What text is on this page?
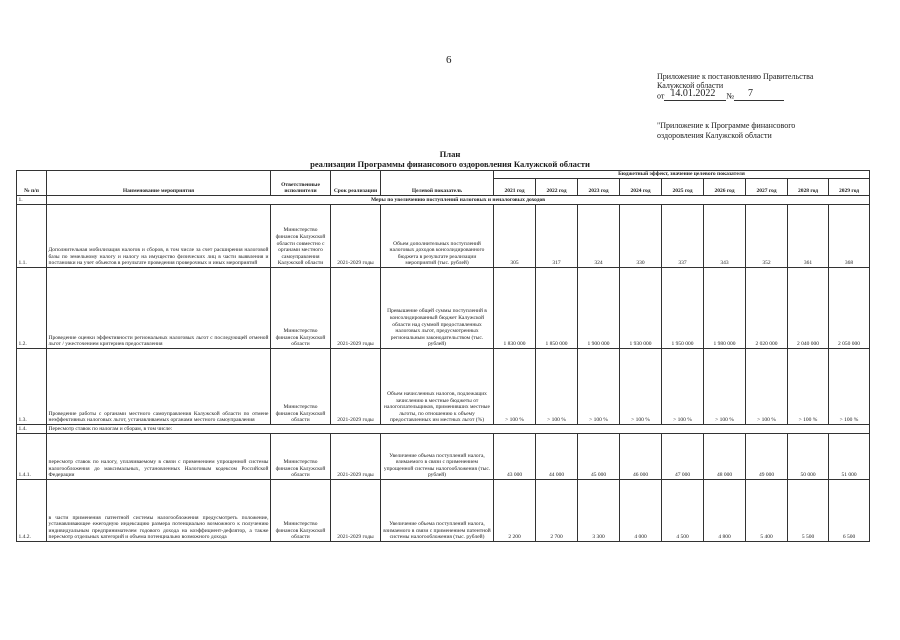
6
Приложение к постановлению Правительства
Калужской области
от 14.01.2022 № 7
"Приложение к Программе финансового
оздоровления Калужской области
План
реализации Программы финансового оздоровления Калужской области
№ п/п	Наименование мероприятия	Ответственные исполнители	Срок реализации	Целевой показатель	Бюджетный эффект, значение целевого показателя								
					2021 год	2022 год	2023 год	2024 год	2025 год	2026 год	2027 год	2028 год	2029 год
1.	Меры по увеличению поступлений налоговых и неналоговых доходов												
1.1.	Дополнительная мобилизация налогов и сборов, в том числе за счет расширения налоговой базы по земельному налогу и налогу на имущество физических лиц в части выявления и постановки на учет объектов в результате проведения проверочных и иных мероприятий	Министерство финансов Калужской области совместно с органами местного самоуправления Калужской области	2021-2029 годы	Объем дополнительных поступлений налоговых доходов консолидированного бюджета в результате реализации мероприятий (тыс. рублей)	305	317	324	330	337	343	352	361	368
1.2.	Проведение оценки эффективности региональных налоговых льгот с последующей отменой льгот / ужесточением критериев предоставления	Министерство финансов Калужской области	2021-2029 годы	Превышение общей суммы поступлений в консолидированный бюджет Калужской области над суммой предоставленных налоговых льгот, предусмотренных региональным законодательством (тыс. рублей)	1 830 000	1 850 000	1 900 000	1 930 000	1 950 000	1 980 000	2 020 000	2 040 000	2 050 000
1.3.	Проведение работы с органами местного самоуправления Калужской области по отмене неэффективных налоговых льгот, устанавливаемых органами местного самоуправления	Министерство финансов Калужской области	2021-2029 годы	Объем начисленных налогов, подлежащих зачислению в местные бюджеты от налогоплательщиков, применивших местные льготы, по отношению к объему предоставленных им местных льгот (%)	> 100 %	> 100 %	> 100 %	> 100 %	> 100 %	> 100 %	> 100 %	> 100 %	> 100 %
1.4.	Пересмотр ставок по налогам и сборам, в том числе:												
1.4.1.	пересмотр ставок по налогу, уплачиваемому в связи с применением упрощенной системы налогообложения до максимальных, установленных Налоговым кодексом Российской Федерации	Министерство финансов Калужской области	2021-2029 годы	Увеличение объема поступлений налога, взимаемого в связи с применением упрощенной системы налогообложения (тыс. рублей)	43 000	44 000	45 000	46 000	47 000	48 000	49 000	50 000	51 000
1.4.2.	в части применения патентной системы налогообложения предусмотреть положение, устанавливающее ежегодную индексацию размера потенциально возможного к получению индивидуальным предпринимателем годового дохода на коэффициент-дефлятор, а также пересмотр отдельных категорий и объема потенциально возможного дохода	Министерство финансов Калужской области	2021-2029 годы	Увеличение объема поступлений налога, взимаемого в связи с применением патентной системы налогообложения (тыс. рублей)	2 200	2 700	3 300	4 000	4 500	4 800	5 400	5 500	6 500
